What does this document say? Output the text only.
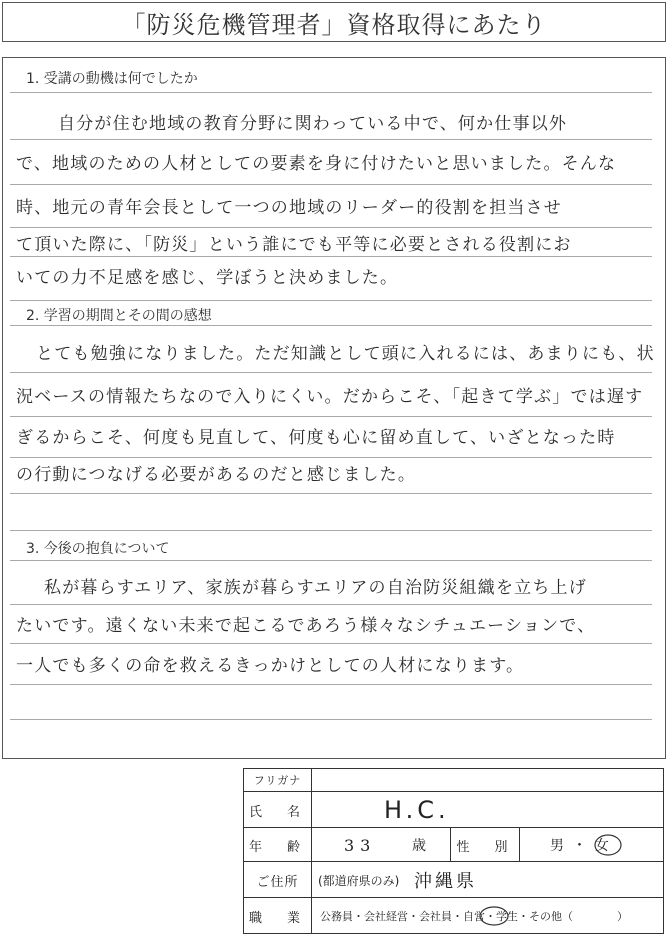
「防災危機管理者」資格取得にあたり
1. 受講の動機は何でしたか
自分が住む地域の教育分野に関わっている中で、何か仕事以外
で、地域のための人材としての要素を身に付けたいと思いました。そんな
時、地元の青年会長として一つの地域のリーダー的役割を担当させ
て頂いた際に、「防災」という誰にでも平等に必要とされる役割にお
いての力不足感を感じ、学ぼうと決めました。
2. 学習の期間とその間の感想
とても勉強になりました。ただ知識として頭に入れるには、あまりにも、状
況ベースの情報たちなので入りにくい。だからこそ、「起きて学ぶ」では遅す
ぎるからこそ、何度も見直して、何度も心に留め直して、いざとなった時
の行動につなげる必要があるのだと感じました。
3. 今後の抱負について
私が暮らすエリア、家族が暮らすエリアの自治防災組織を立ち上げ
たいです。遠くない未来で起こるであろう様々なシチュエーションで、
一人でも多くの命を救えるきっかけとしての人材になります。
フリガナ
氏　名	H.C.
年　齢	33	歳	性　別	男 ・ 女
ご住所	(都道府県のみ) 沖縄県
職　業	公務員・会社経営・会社員・自営・学生・その他（　　　　）
